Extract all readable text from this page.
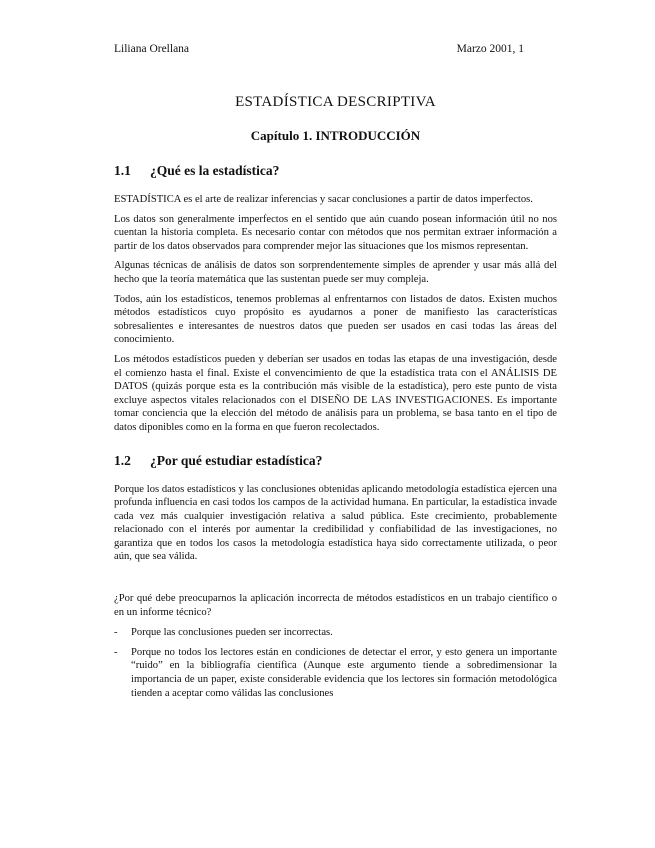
Liliana Orellana	Marzo 2001, 1
ESTADÍSTICA DESCRIPTIVA
Capítulo 1. INTRODUCCIÓN
1.1	¿Qué es la estadística?

ESTADÍSTICA es el arte de realizar inferencias y sacar conclusiones a partir de datos imperfectos.

Los datos son generalmente imperfectos en el sentido que aún cuando posean información útil no nos cuentan la historia completa. Es necesario contar con métodos que nos permitan extraer información a partir de los datos observados para comprender mejor las situaciones que los mismos representan.

Algunas técnicas de análisis de datos son sorprendentemente simples de aprender y usar más allá del hecho que la teoría matemática que las sustentan puede ser muy compleja.

Todos, aún los estadísticos, tenemos problemas al enfrentarnos con listados de datos. Existen muchos métodos estadísticos cuyo propósito es ayudarnos a poner de manifiesto las características sobresalientes e interesantes de nuestros datos que pueden ser usados en casi todas las áreas del conocimiento.

Los métodos estadísticos pueden y deberían ser usados en todas las etapas de una investigación, desde el comienzo hasta el final. Existe el convencimiento de que la estadística trata con el ANÁLISIS DE DATOS (quizás porque esta es la contribución más visible de la estadística), pero este punto de vista excluye aspectos vitales relacionados con el DISEÑO DE LAS INVESTIGACIONES. Es importante tomar conciencia que la elección del método de análisis para un problema, se basa tanto en el tipo de datos diponibles como en la forma en que fueron recolectados.

1.2	¿Por qué estudiar estadística?

Porque los datos estadísticos y las conclusiones obtenidas aplicando metodología estadística ejercen una profunda influencia en casi todos los campos de la actividad humana. En particular, la estadística invade cada vez más cualquier investigación relativa a salud pública. Este crecimiento, probablemente relacionado con el interés por aumentar la credibilidad y confiabilidad de las investigaciones, no garantiza que en todos los casos la metodología estadística haya sido correctamente utilizada, o peor aún, que sea válida.

¿Por qué debe preocuparnos la aplicación incorrecta de métodos estadísticos en un trabajo científico o en un informe técnico?

-	Porque las conclusiones pueden ser incorrectas.
-	Porque no todos los lectores están en condiciones de detectar el error, y esto genera un importante “ruido” en la bibliografía científica (Aunque este argumento tiende a sobredimensionar la importancia de un paper, existe considerable evidencia que los lectores sin formación metodológica tienden a aceptar como válidas las conclusiones
